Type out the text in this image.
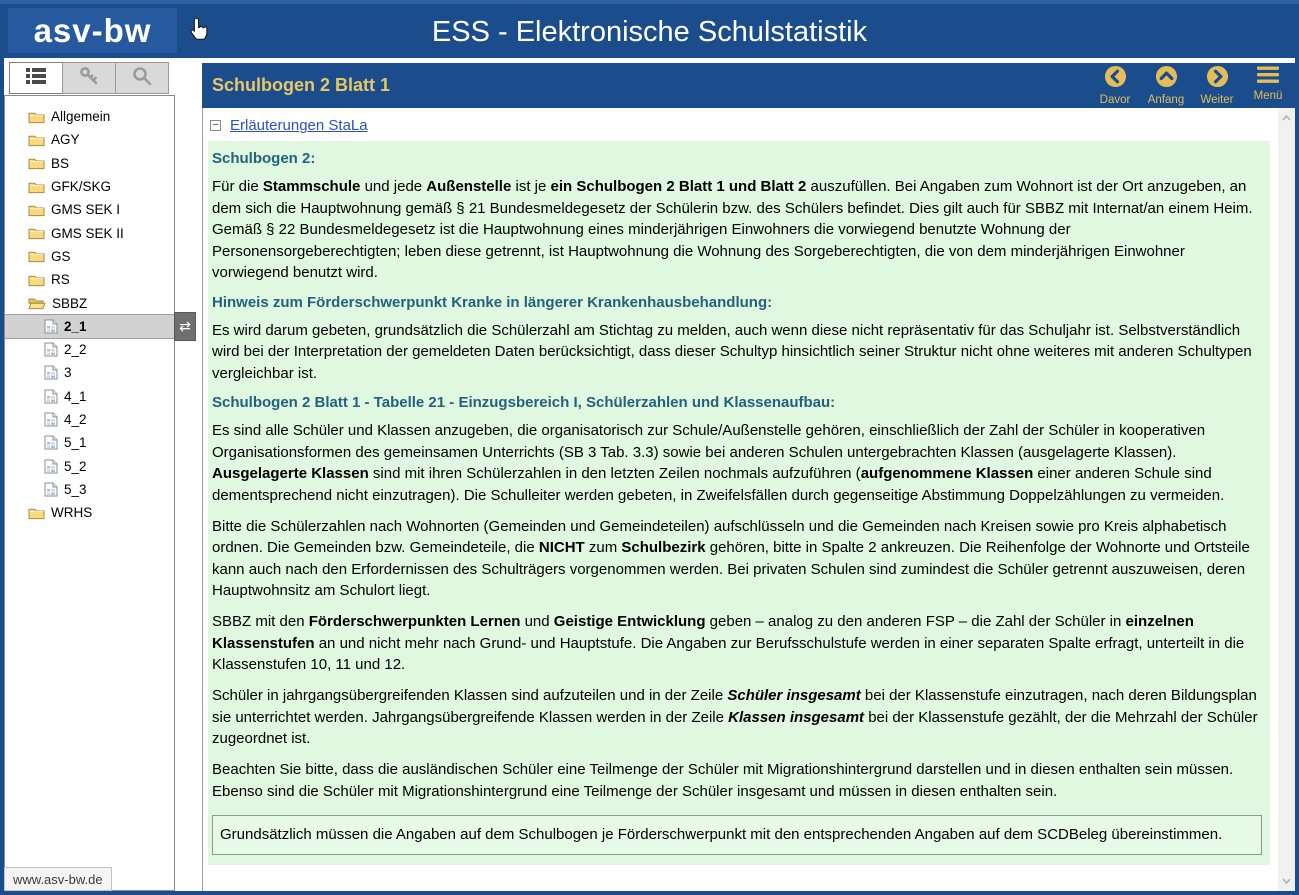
asv-bw	ESS - Elektronische Schulstatistik
Allgemein
AGY
BS
GFK/SKG
GMS SEK I
GMS SEK II
GS
RS
SBBZ
2_1	⇄
2_2
3
4_1
4_2
5_1
5_2
5_3
WRHS
Schulbogen 2 Blatt 1
Davor Anfang Weiter Menü
− Erläuterungen StaLa
Schulbogen 2:

Für die Stammschule und jede Außenstelle ist je ein Schulbogen 2 Blatt 1 und Blatt 2 auszufüllen. Bei Angaben zum Wohnort ist der Ort anzugeben, an dem sich die Hauptwohnung gemäß § 21 Bundesmeldegesetz der Schülerin bzw. des Schülers befindet. Dies gilt auch für SBBZ mit Internat/an einem Heim. Gemäß § 22 Bundesmeldegesetz ist die Hauptwohnung eines minderjährigen Einwohners die vorwiegend benutzte Wohnung der Personensorgeberechtigten; leben diese getrennt, ist Hauptwohnung die Wohnung des Sorgeberechtigten, die von dem minderjährigen Einwohner vorwiegend benutzt wird.

Hinweis zum Förderschwerpunkt Kranke in längerer Krankenhausbehandlung:

Es wird darum gebeten, grundsätzlich die Schülerzahl am Stichtag zu melden, auch wenn diese nicht repräsentativ für das Schuljahr ist. Selbstverständlich wird bei der Interpretation der gemeldeten Daten berücksichtigt, dass dieser Schultyp hinsichtlich seiner Struktur nicht ohne weiteres mit anderen Schultypen vergleichbar ist.

Schulbogen 2 Blatt 1 - Tabelle 21 - Einzugsbereich I, Schülerzahlen und Klassenaufbau:

Es sind alle Schüler und Klassen anzugeben, die organisatorisch zur Schule/Außenstelle gehören, einschließlich der Zahl der Schüler in kooperativen Organisationsformen des gemeinsamen Unterrichts (SB 3 Tab. 3.3) sowie bei anderen Schulen untergebrachten Klassen (ausgelagerte Klassen). Ausgelagerte Klassen sind mit ihren Schülerzahlen in den letzten Zeilen nochmals aufzuführen (aufgenommene Klassen einer anderen Schule sind dementsprechend nicht einzutragen). Die Schulleiter werden gebeten, in Zweifelsfällen durch gegenseitige Abstimmung Doppelzählungen zu vermeiden.

Bitte die Schülerzahlen nach Wohnorten (Gemeinden und Gemeindeteilen) aufschlüsseln und die Gemeinden nach Kreisen sowie pro Kreis alphabetisch ordnen. Die Gemeinden bzw. Gemeindeteile, die NICHT zum Schulbezirk gehören, bitte in Spalte 2 ankreuzen. Die Reihenfolge der Wohnorte und Ortsteile kann auch nach den Erfordernissen des Schulträgers vorgenommen werden. Bei privaten Schulen sind zumindest die Schüler getrennt auszuweisen, deren Hauptwohnsitz am Schulort liegt.

SBBZ mit den Förderschwerpunkten Lernen und Geistige Entwicklung geben – analog zu den anderen FSP – die Zahl der Schüler in einzelnen Klassenstufen an und nicht mehr nach Grund- und Hauptstufe. Die Angaben zur Berufsschulstufe werden in einer separaten Spalte erfragt, unterteilt in die Klassenstufen 10, 11 und 12.

Schüler in jahrgangsübergreifenden Klassen sind aufzuteilen und in der Zeile Schüler insgesamt bei der Klassenstufe einzutragen, nach deren Bildungsplan sie unterrichtet werden. Jahrgangsübergreifende Klassen werden in der Zeile Klassen insgesamt bei der Klassenstufe gezählt, der die Mehrzahl der Schüler zugeordnet ist.

Beachten Sie bitte, dass die ausländischen Schüler eine Teilmenge der Schüler mit Migrationshintergrund darstellen und in diesen enthalten sein müssen. Ebenso sind die Schüler mit Migrationshintergrund eine Teilmenge der Schüler insgesamt und müssen in diesen enthalten sein.

Grundsätzlich müssen die Angaben auf dem Schulbogen je Förderschwerpunkt mit den entsprechenden Angaben auf dem SCDBeleg übereinstimmen.
www.asv-bw.de
